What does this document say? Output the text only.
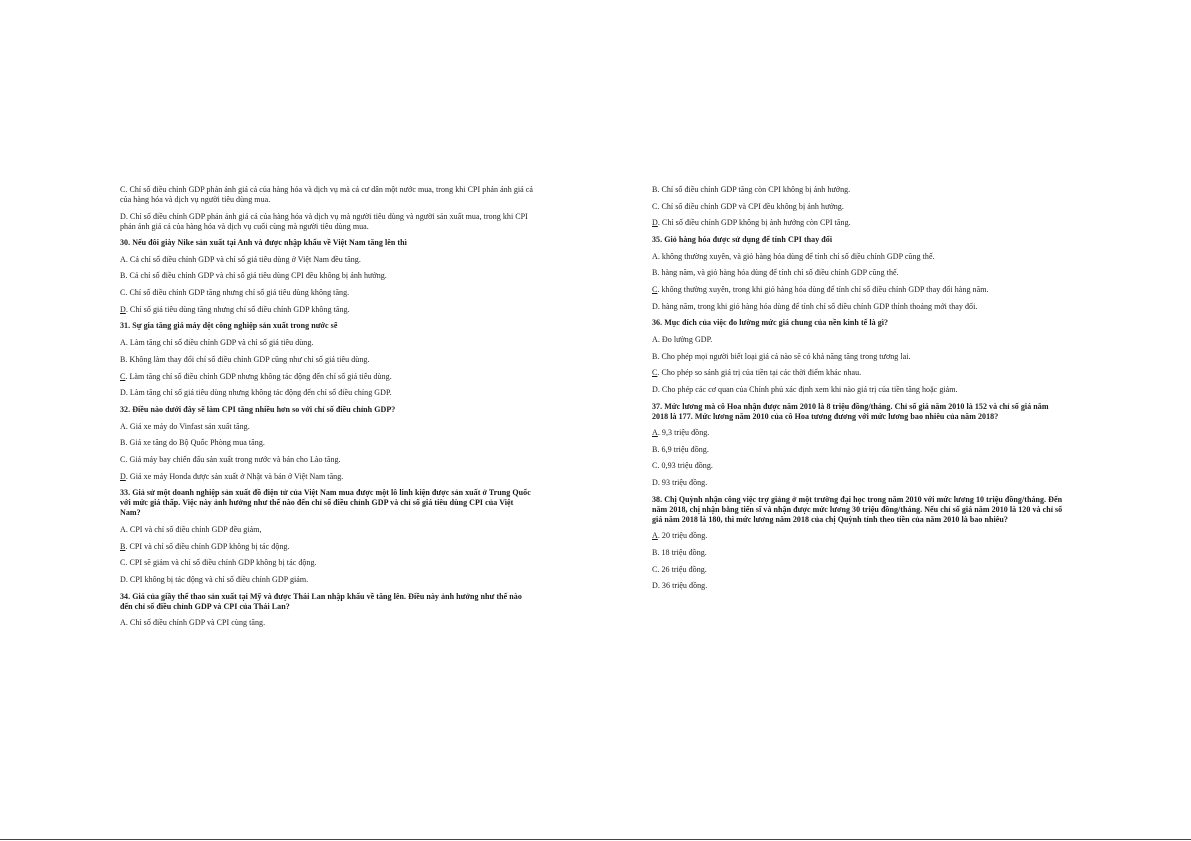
C. Chỉ số điều chỉnh GDP phản ánh giá cả của hàng hóa và dịch vụ mà cả cư dân một nước mua, trong khi CPI phản ánh giá cả của hàng hóa và dịch vụ người tiêu dùng mua.
D. Chỉ số điều chỉnh GDP phản ánh giá cả của hàng hóa và dịch vụ mà người tiêu dùng và người sản xuất mua, trong khi CPI phản ánh giá cả của hàng hóa và dịch vụ cuối cùng mà người tiêu dùng mua.
30. Nếu đôi giày Nike sản xuất tại Anh và được nhập khẩu về Việt Nam tăng lên thì
A. Cả chỉ số điều chỉnh GDP và chỉ số giá tiêu dùng ở Việt Nam đều tăng.
B. Cả chỉ số điều chỉnh GDP và chỉ số giá tiêu dùng CPI đều không bị ảnh hưởng.
C. Chỉ số điều chỉnh GDP tăng nhưng chỉ số giá tiêu dùng không tăng.
D. Chỉ số giá tiêu dùng tăng nhưng chỉ số điều chỉnh GDP không tăng.
31. Sự gia tăng giá máy dệt công nghiệp sản xuất trong nước sẽ
A. Làm tăng chỉ số điều chỉnh GDP và chỉ số giá tiêu dùng.
B. Không làm thay đổi chỉ số điều chỉnh GDP cũng như chỉ số giá tiêu dùng.
C. Làm tăng chỉ số điều chỉnh GDP nhưng không tác động đến chỉ số giá tiêu dùng.
D. Làm tăng chỉ số giá tiêu dùng nhưng không tác động đến chỉ số điều chỉng GDP.
32. Điều nào dưới đây sẽ làm CPI tăng nhiều hơn so với chỉ số điều chỉnh GDP?
A. Giá xe máy do Vinfast sản xuất tăng.
B. Giá xe tăng do Bộ Quốc Phòng mua tăng.
C. Giá máy bay chiến đấu sản xuất trong nước và bán cho Lào tăng.
D. Giá xe máy Honda được sản xuất ở Nhật và bán ở Việt Nam tăng.
33. Giả sử một doanh nghiệp sản xuất đồ điện tử của Việt Nam mua được một lô linh kiện được sản xuất ở Trung Quốc với mức giá thấp. Việc này ảnh hưởng như thế nào đến chỉ số điều chỉnh GDP và chỉ số giá tiêu dùng CPI của Việt Nam?
A. CPI và chỉ số điều chỉnh GDP đều giảm,
B. CPI và chỉ số điều chỉnh GDP không bị tác động.
C. CPI sẽ giảm và chỉ số điều chỉnh GDP không bị tác động.
D. CPI không bị tác động và chỉ số điều chỉnh GDP giảm.
34. Giá của giầy thể thao sản xuất tại Mỹ và được Thái Lan nhập khẩu về tăng lên. Điều này ảnh hưởng như thế nào đến chỉ số điều chỉnh GDP và CPI của Thái Lan?
A. Chỉ số điều chỉnh GDP và CPI cùng tăng.
B. Chỉ số điều chỉnh GDP tăng còn CPI không bị ảnh hưởng.
C. Chỉ số điều chỉnh GDP và CPI đều không bị ảnh hưởng.
D. Chỉ số điều chỉnh GDP không bị ảnh hưởng còn CPI tăng.
35. Giỏ hàng hóa được sử dụng để tính CPI thay đổi
A. không thường xuyên, và giỏ hàng hóa dùng để tính chỉ số điều chỉnh GDP cũng thế.
B. hàng năm, và giỏ hàng hóa dùng để tính chỉ số điều chỉnh GDP cũng thế.
C. không thường xuyên, trong khi giỏ hàng hóa dùng để tính chỉ số điều chỉnh GDP thay đổi hàng năm.
D. hàng năm, trong khi giỏ hàng hóa dùng để tính chỉ số điều chỉnh GDP thỉnh thoảng mới thay đổi.
36. Mục đích của việc đo lường mức giá chung của nền kinh tế là gì?
A. Đo lường GDP.
B. Cho phép mọi người biết loại giá cả nào sẽ có khả năng tăng trong tương lai.
C. Cho phép so sánh giá trị của tiền tại các thời điểm khác nhau.
D. Cho phép các cơ quan của Chính phủ xác định xem khi nào giá trị của tiền tăng hoặc giảm.
37. Mức lương mà cô Hoa nhận được năm 2010 là 8 triệu đồng/tháng. Chỉ số giá năm 2010 là 152 và chỉ số giá năm 2018 là 177. Mức lương năm 2010 của cô Hoa tương đương với mức lương bao nhiêu của năm 2018?
A. 9,3 triệu đồng.
B. 6,9 triệu đồng.
C. 0,93 triệu đồng.
D. 93 triệu đồng.
38. Chị Quỳnh nhận công việc trợ giảng ở một trường đại học trong năm 2010 với mức lương 10 triệu đồng/tháng. Đến năm 2018, chị nhận bằng tiến sĩ và nhận được mức lương 30 triệu đồng/tháng. Nếu chỉ số giá năm 2010 là 120 và chỉ số giá năm 2018 là 180, thì mức lương năm 2018 của chị Quỳnh tính theo tiền của năm 2010 là bao nhiêu?
A. 20 triệu đồng.
B. 18 triệu đồng.
C. 26 triệu đồng.
D. 36 triệu đồng.
